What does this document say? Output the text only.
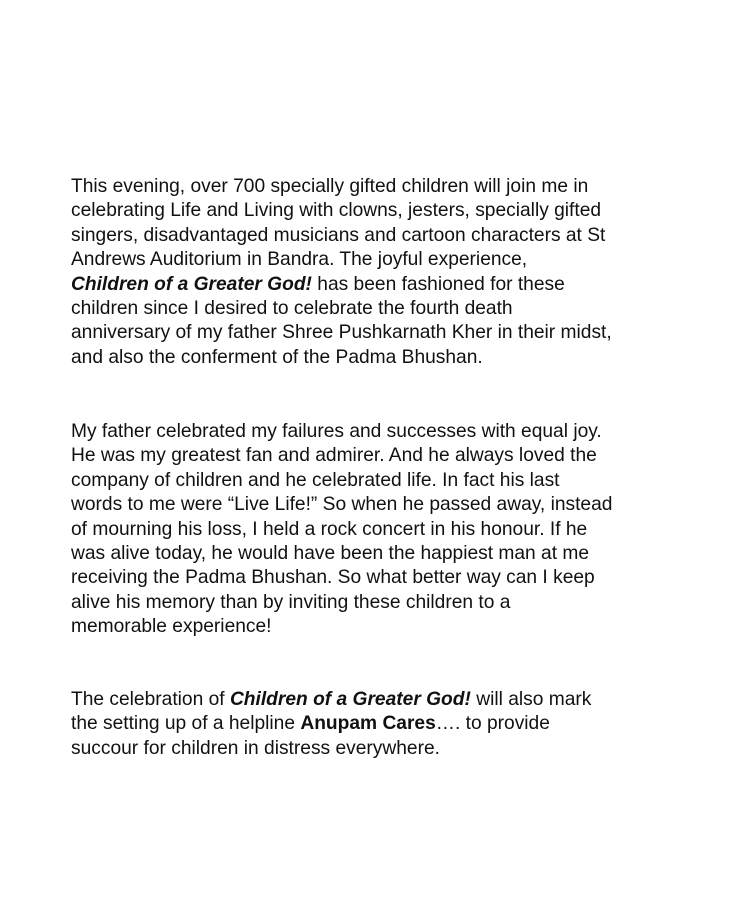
This evening, over 700 specially gifted children will join me in
celebrating Life and Living with clowns, jesters, specially gifted
singers, disadvantaged musicians and cartoon characters at St
Andrews Auditorium in Bandra. The joyful experience,
Children of a Greater God! has been fashioned for these
children since I desired to celebrate the fourth death
anniversary of my father Shree Pushkarnath Kher in their midst,
and also the conferment of the Padma Bhushan.

My father celebrated my failures and successes with equal joy.
He was my greatest fan and admirer. And he always loved the
company of children and he celebrated life. In fact his last
words to me were “Live Life!” So when he passed away, instead
of mourning his loss, I held a rock concert in his honour. If he
was alive today, he would have been the happiest man at me
receiving the Padma Bhushan. So what better way can I keep
alive his memory than by inviting these children to a
memorable experience!

The celebration of Children of a Greater God! will also mark
the setting up of a helpline Anupam Cares…. to provide
succour for children in distress everywhere.
